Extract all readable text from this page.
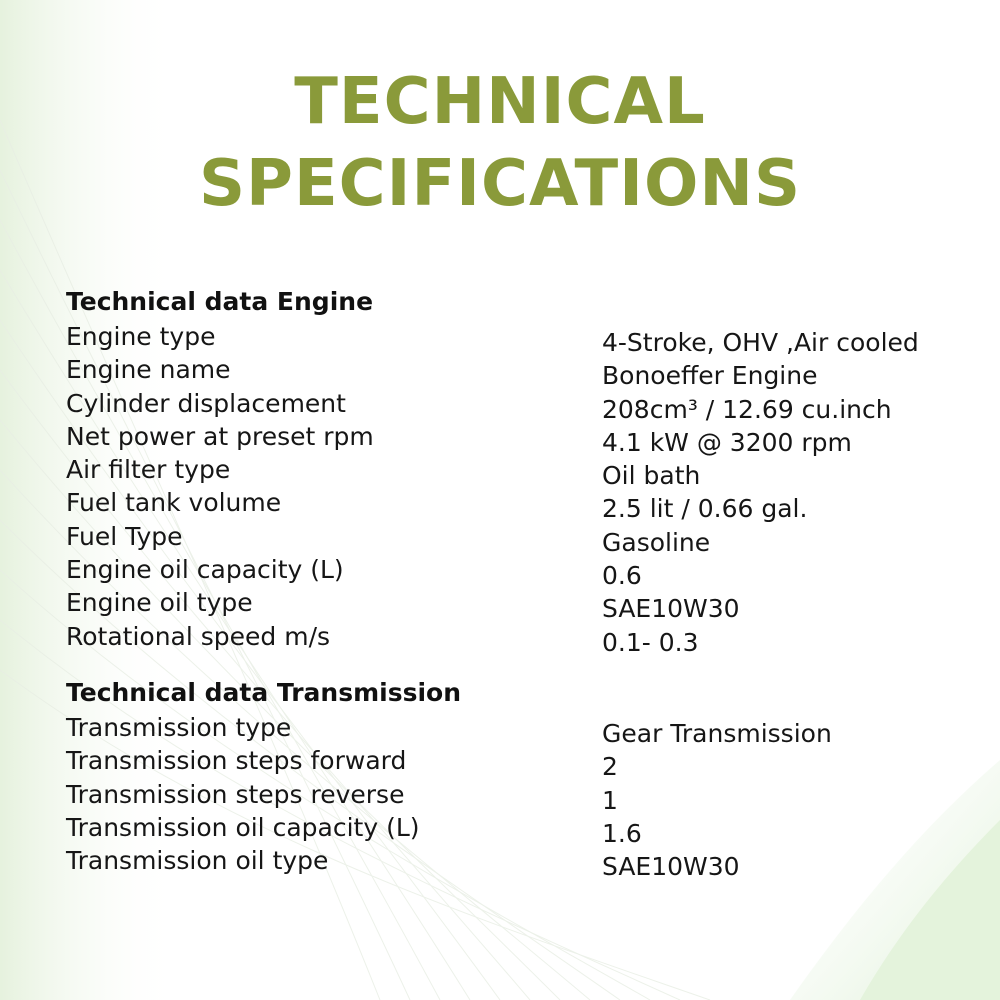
TECHNICAL
SPECIFICATIONS
Technical data Engine
Engine type	4-Stroke, OHV ,Air cooled
Engine name	Bonoeffer Engine
Cylinder displacement	208cm³ / 12.69 cu.inch
Net power at preset rpm	4.1 kW @ 3200 rpm
Air filter type	Oil bath
Fuel tank volume	2.5 lit / 0.66 gal.
Fuel Type	Gasoline
Engine oil capacity (L)	0.6
Engine oil type	SAE10W30
Rotational speed m/s	0.1- 0.3
Technical data Transmission
Transmission type	Gear Transmission
Transmission steps forward	2
Transmission steps reverse	1
Transmission oil capacity (L)	1.6
Transmission oil type	SAE10W30
